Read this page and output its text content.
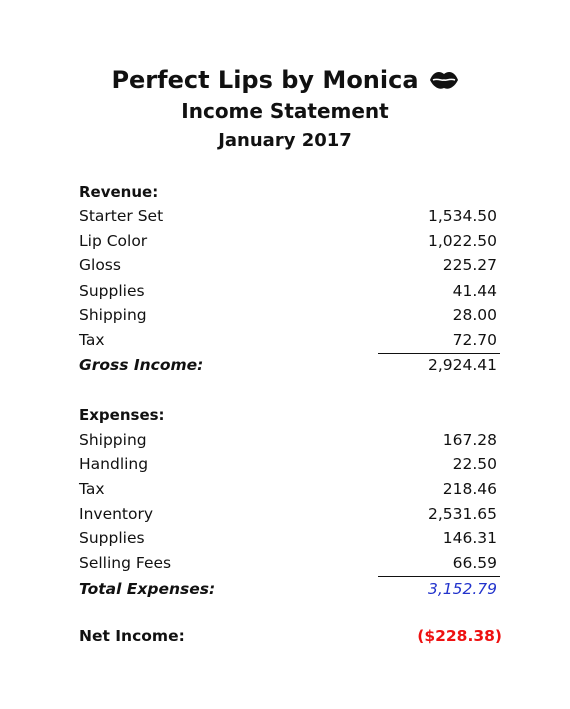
Perfect Lips by Monica
Income Statement
January 2017
Revenue:
Starter Set	1,534.50
Lip Color	1,022.50
Gloss	225.27
Supplies	41.44
Shipping	28.00
Tax	72.70
Gross Income:	2,924.41
Expenses:
Shipping	167.28
Handling	22.50
Tax	218.46
Inventory	2,531.65
Supplies	146.31
Selling Fees	66.59
Total Expenses:	3,152.79
Net Income:	($228.38)
